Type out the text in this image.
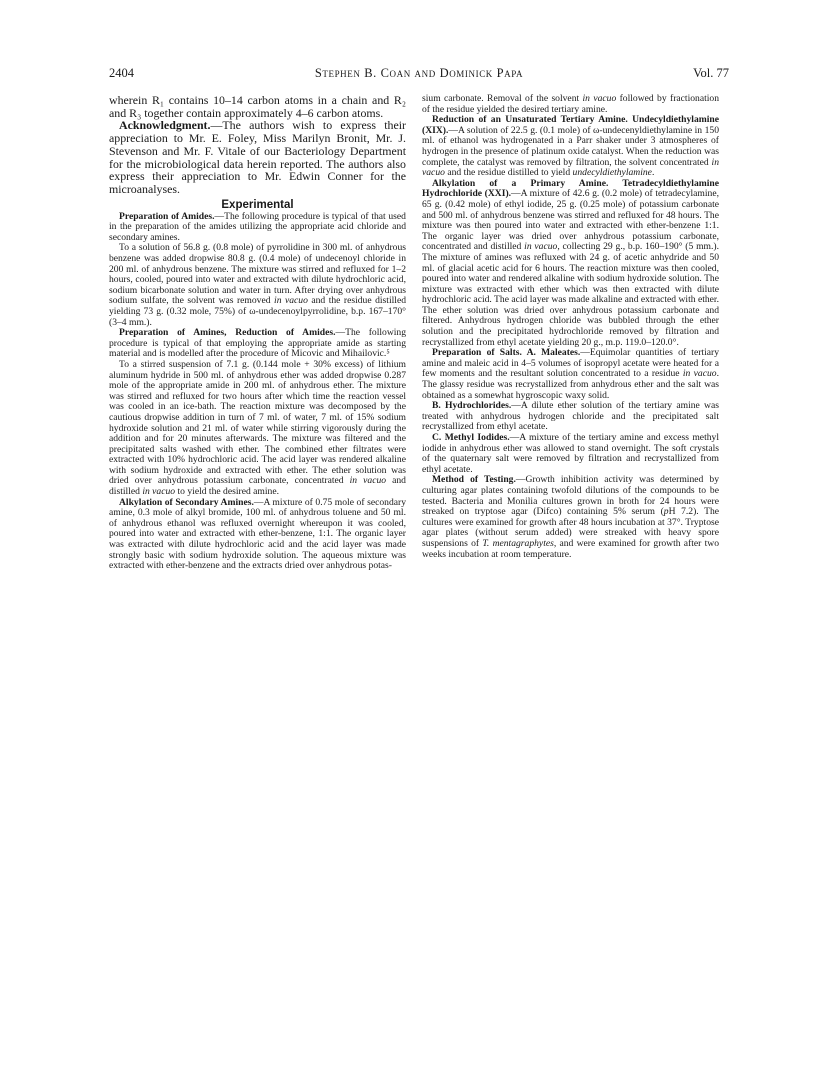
2404	Stephen B. Coan and Dominick Papa	Vol. 77

wherein R₁ contains 10–14 carbon atoms in a chain and R₂ and R₃ together contain approximately 4–6 carbon atoms.

Acknowledgment.—The authors wish to express their appreciation to Mr. E. Foley, Miss Marilyn Bronit, Mr. J. Stevenson and Mr. F. Vitale of our Bacteriology Department for the microbiological data herein reported. The authors also express their appreciation to Mr. Edwin Conner for the microanalyses.

Experimental

Preparation of Amides.—The following procedure is typical of that used in the preparation of the amides utilizing the appropriate acid chloride and secondary amines.

To a solution of 56.8 g. (0.8 mole) of pyrrolidine in 300 ml. of anhydrous benzene was added dropwise 80.8 g. (0.4 mole) of undecenoyl chloride in 200 ml. of anhydrous benzene. The mixture was stirred and refluxed for 1–2 hours, cooled, poured into water and extracted with dilute hydrochloric acid, sodium bicarbonate solution and water in turn. After drying over anhydrous sodium sulfate, the solvent was removed in vacuo and the residue distilled yielding 73 g. (0.32 mole, 75%) of ω-undecenoylpyrrolidine, b.p. 167–170° (3–4 mm.).

Preparation of Amines, Reduction of Amides.—The following procedure is typical of that employing the appropriate amide as starting material and is modelled after the procedure of Micovic and Mihailovic.⁵

To a stirred suspension of 7.1 g. (0.144 mole + 30% excess) of lithium aluminum hydride in 500 ml. of anhydrous ether was added dropwise 0.287 mole of the appropriate amide in 200 ml. of anhydrous ether. The mixture was stirred and refluxed for two hours after which time the reaction vessel was cooled in an ice-bath. The reaction mixture was decomposed by the cautious dropwise addition in turn of 7 ml. of water, 7 ml. of 15% sodium hydroxide solution and 21 ml. of water while stirring vigorously during the addition and for 20 minutes afterwards. The mixture was filtered and the precipitated salts washed with ether. The combined ether filtrates were extracted with 10% hydrochloric acid. The acid layer was rendered alkaline with sodium hydroxide and extracted with ether. The ether solution was dried over anhydrous potassium carbonate, concentrated in vacuo and distilled in vacuo to yield the desired amine.

Alkylation of Secondary Amines.—A mixture of 0.75 mole of secondary amine, 0.3 mole of alkyl bromide, 100 ml. of anhydrous toluene and 50 ml. of anhydrous ethanol was refluxed overnight whereupon it was cooled, poured into water and extracted with ether-benzene, 1:1. The organic layer was extracted with dilute hydrochloric acid and the acid layer was made strongly basic with sodium hydroxide solution. The aqueous mixture was extracted with ether-benzene and the extracts dried over anhydrous potas-

sium carbonate. Removal of the solvent in vacuo followed by fractionation of the residue yielded the desired tertiary amine.

Reduction of an Unsaturated Tertiary Amine. Undecyldiethylamine (XIX).—A solution of 22.5 g. (0.1 mole) of ω-undecenyldiethylamine in 150 ml. of ethanol was hydrogenated in a Parr shaker under 3 atmospheres of hydrogen in the presence of platinum oxide catalyst. When the reduction was complete, the catalyst was removed by filtration, the solvent concentrated in vacuo and the residue distilled to yield undecyldiethylamine.

Alkylation of a Primary Amine. Tetradecyldiethylamine Hydrochloride (XXI).—A mixture of 42.6 g. (0.2 mole) of tetradecylamine, 65 g. (0.42 mole) of ethyl iodide, 25 g. (0.25 mole) of potassium carbonate and 500 ml. of anhydrous benzene was stirred and refluxed for 48 hours. The mixture was then poured into water and extracted with ether-benzene 1:1. The organic layer was dried over anhydrous potassium carbonate, concentrated and distilled in vacuo, collecting 29 g., b.p. 160–190° (5 mm.). The mixture of amines was refluxed with 24 g. of acetic anhydride and 50 ml. of glacial acetic acid for 6 hours. The reaction mixture was then cooled, poured into water and rendered alkaline with sodium hydroxide solution. The mixture was extracted with ether which was then extracted with dilute hydrochloric acid. The acid layer was made alkaline and extracted with ether. The ether solution was dried over anhydrous potassium carbonate and filtered. Anhydrous hydrogen chloride was bubbled through the ether solution and the precipitated hydrochloride removed by filtration and recrystallized from ethyl acetate yielding 20 g., m.p. 119.0–120.0°.

Preparation of Salts. A. Maleates.—Equimolar quantities of tertiary amine and maleic acid in 4–5 volumes of isopropyl acetate were heated for a few moments and the resultant solution concentrated to a residue in vacuo. The glassy residue was recrystallized from anhydrous ether and the salt was obtained as a somewhat hygroscopic waxy solid.

B. Hydrochlorides.—A dilute ether solution of the tertiary amine was treated with anhydrous hydrogen chloride and the precipitated salt recrystallized from ethyl acetate.

C. Methyl Iodides.—A mixture of the tertiary amine and excess methyl iodide in anhydrous ether was allowed to stand overnight. The soft crystals of the quaternary salt were removed by filtration and recrystallized from ethyl acetate.

Method of Testing.—Growth inhibition activity was determined by culturing agar plates containing twofold dilutions of the compounds to be tested. Bacteria and Monilia cultures grown in broth for 24 hours were streaked on tryptose agar (Difco) containing 5% serum (pH 7.2). The cultures were examined for growth after 48 hours incubation at 37°. Tryptose agar plates (without serum added) were streaked with heavy spore suspensions of T. mentagraphytes, and were examined for growth after two weeks incubation at room temperature.
